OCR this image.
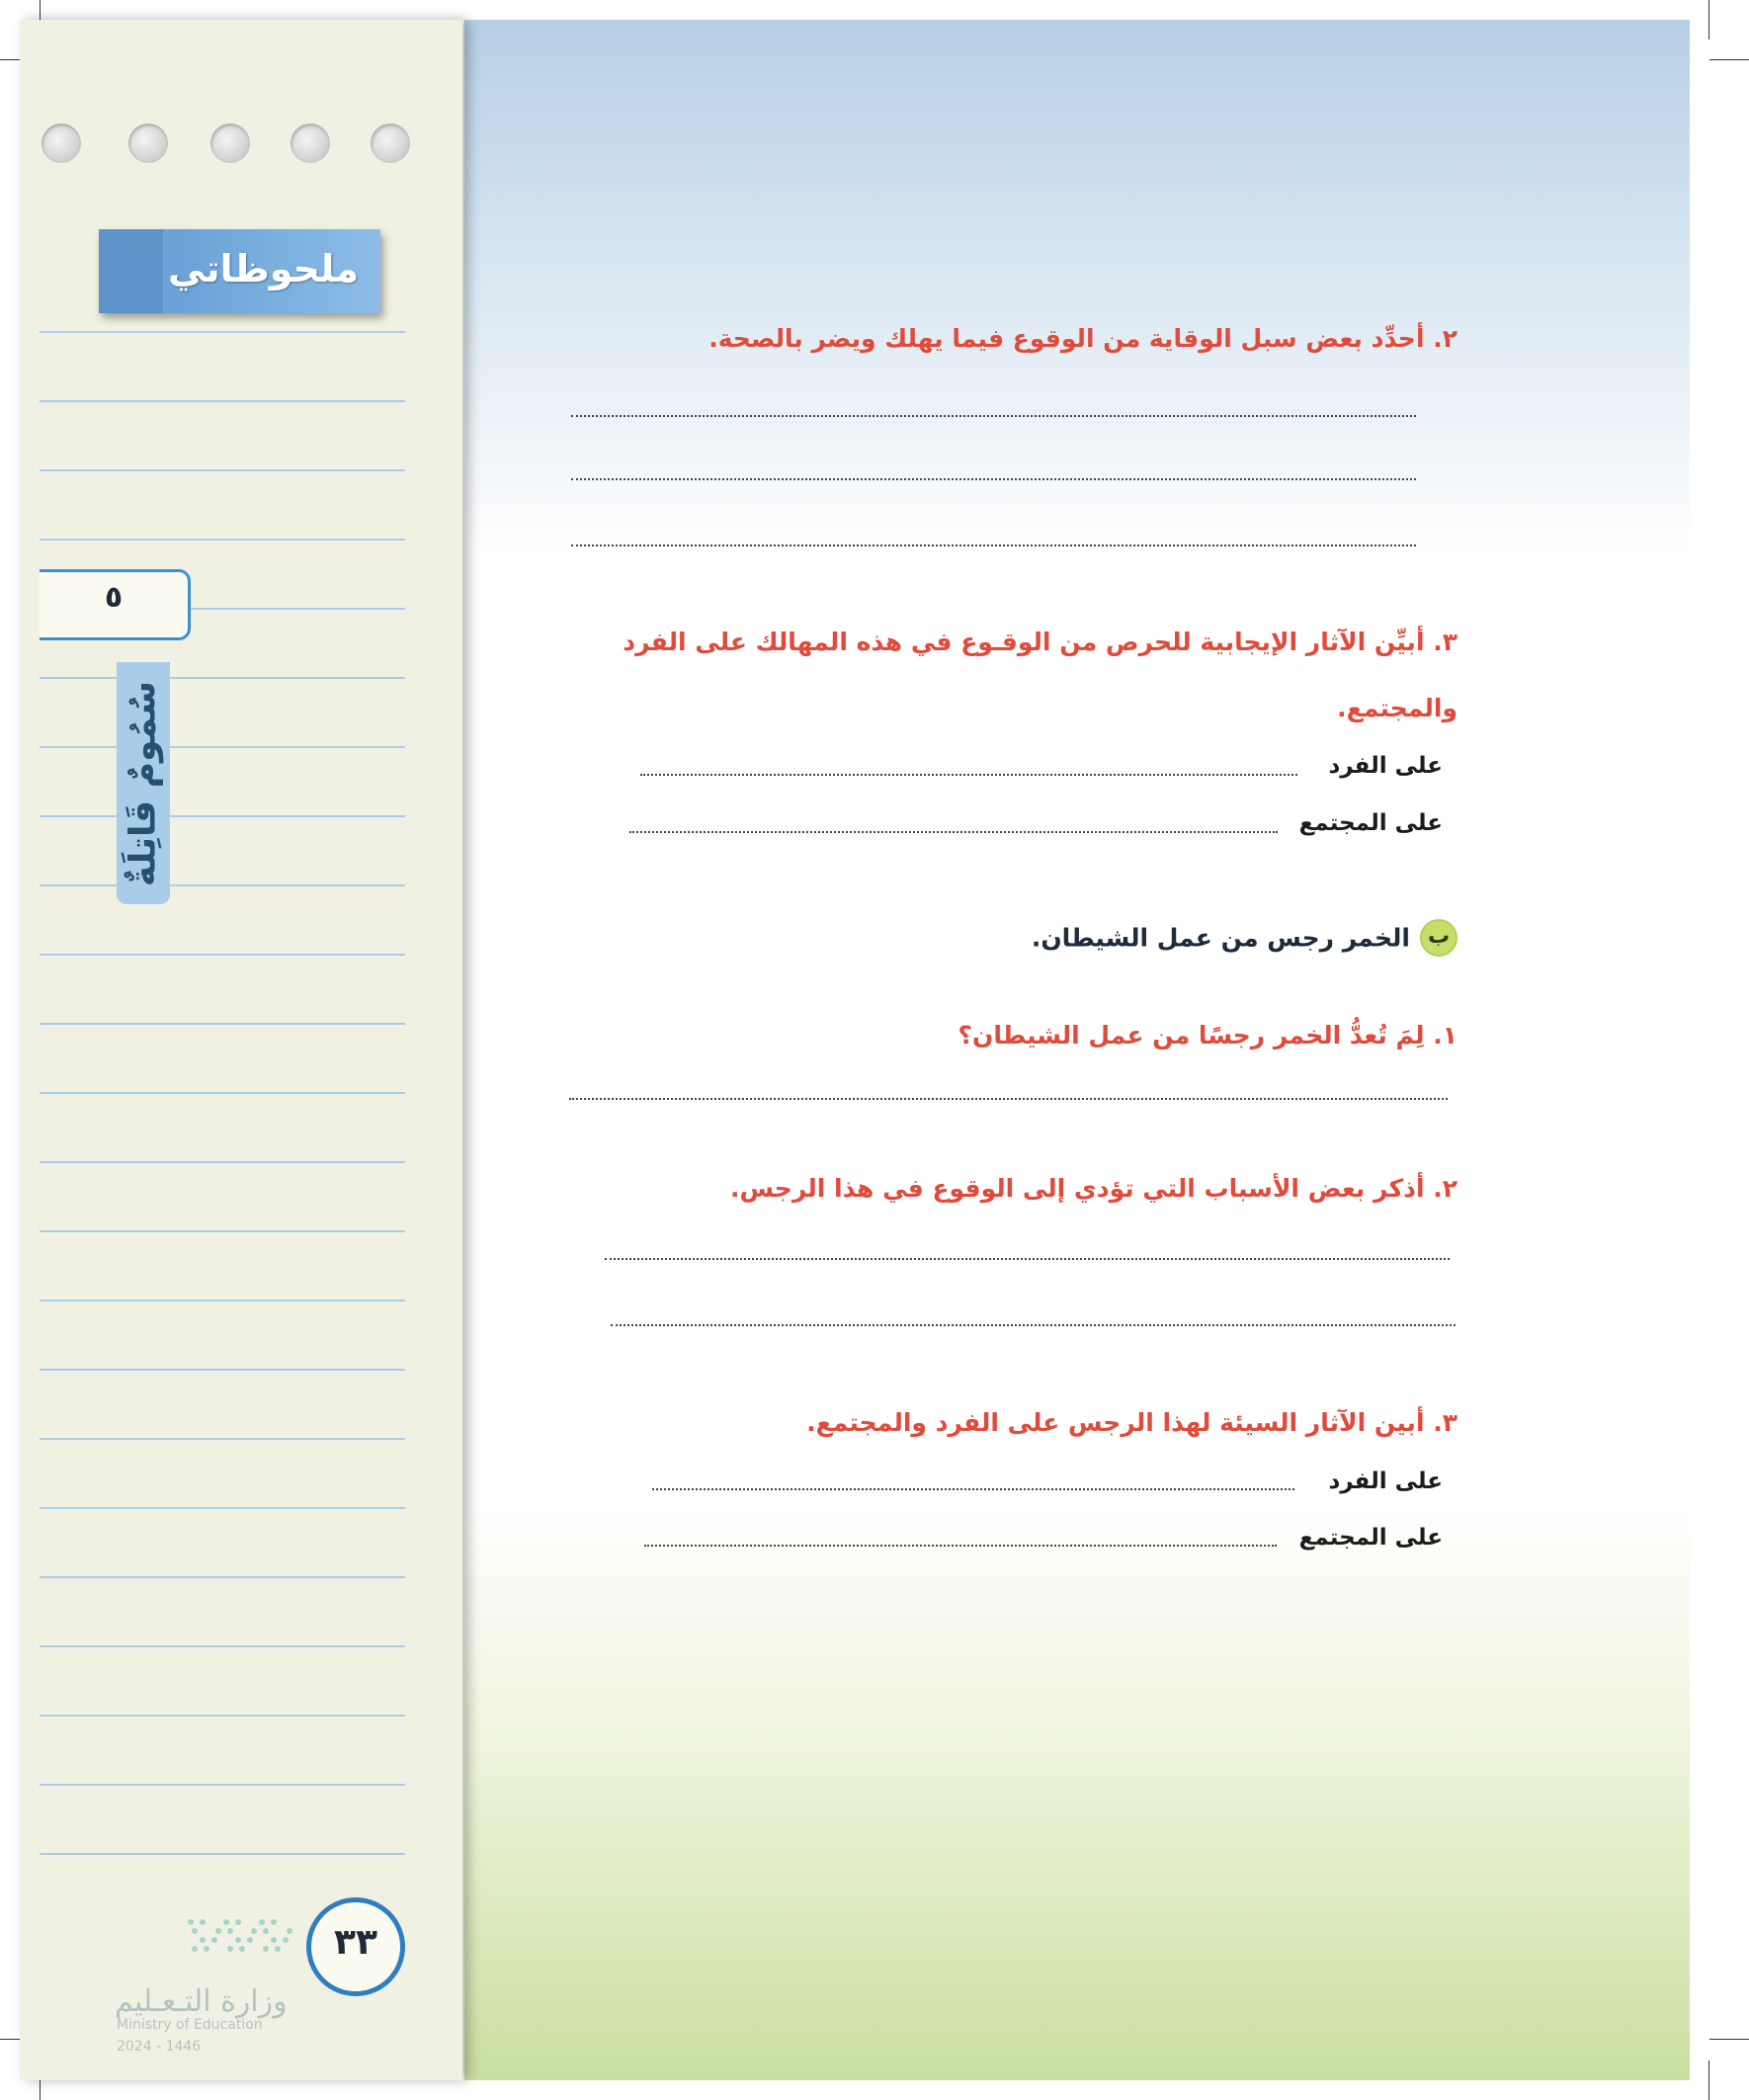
ملحوظاتي
٥
سُمُومٌ قَاتِلَةٌ
٣٣
وزارة التـعـليم
Ministry of Education
2024 - 1446
٢. أحدِّد بعض سبل الوقاية من الوقوع فيما يهلك ويضر بالصحة.
٣. أبيِّن الآثار الإيجابية للحرص من الوقـوع في هذه المهالك على الفرد
والمجتمع.
على الفرد
على المجتمع
بالخمر رجس من عمل الشيطان.
١. لِمَ تُعدُّ الخمر رجسًا من عمل الشيطان؟
٢. أذكر بعض الأسباب التي تؤدي إلى الوقوع في هذا الرجس.
٣. أبين الآثار السيئة لهذا الرجس على الفرد والمجتمع.
على الفرد
على المجتمع
